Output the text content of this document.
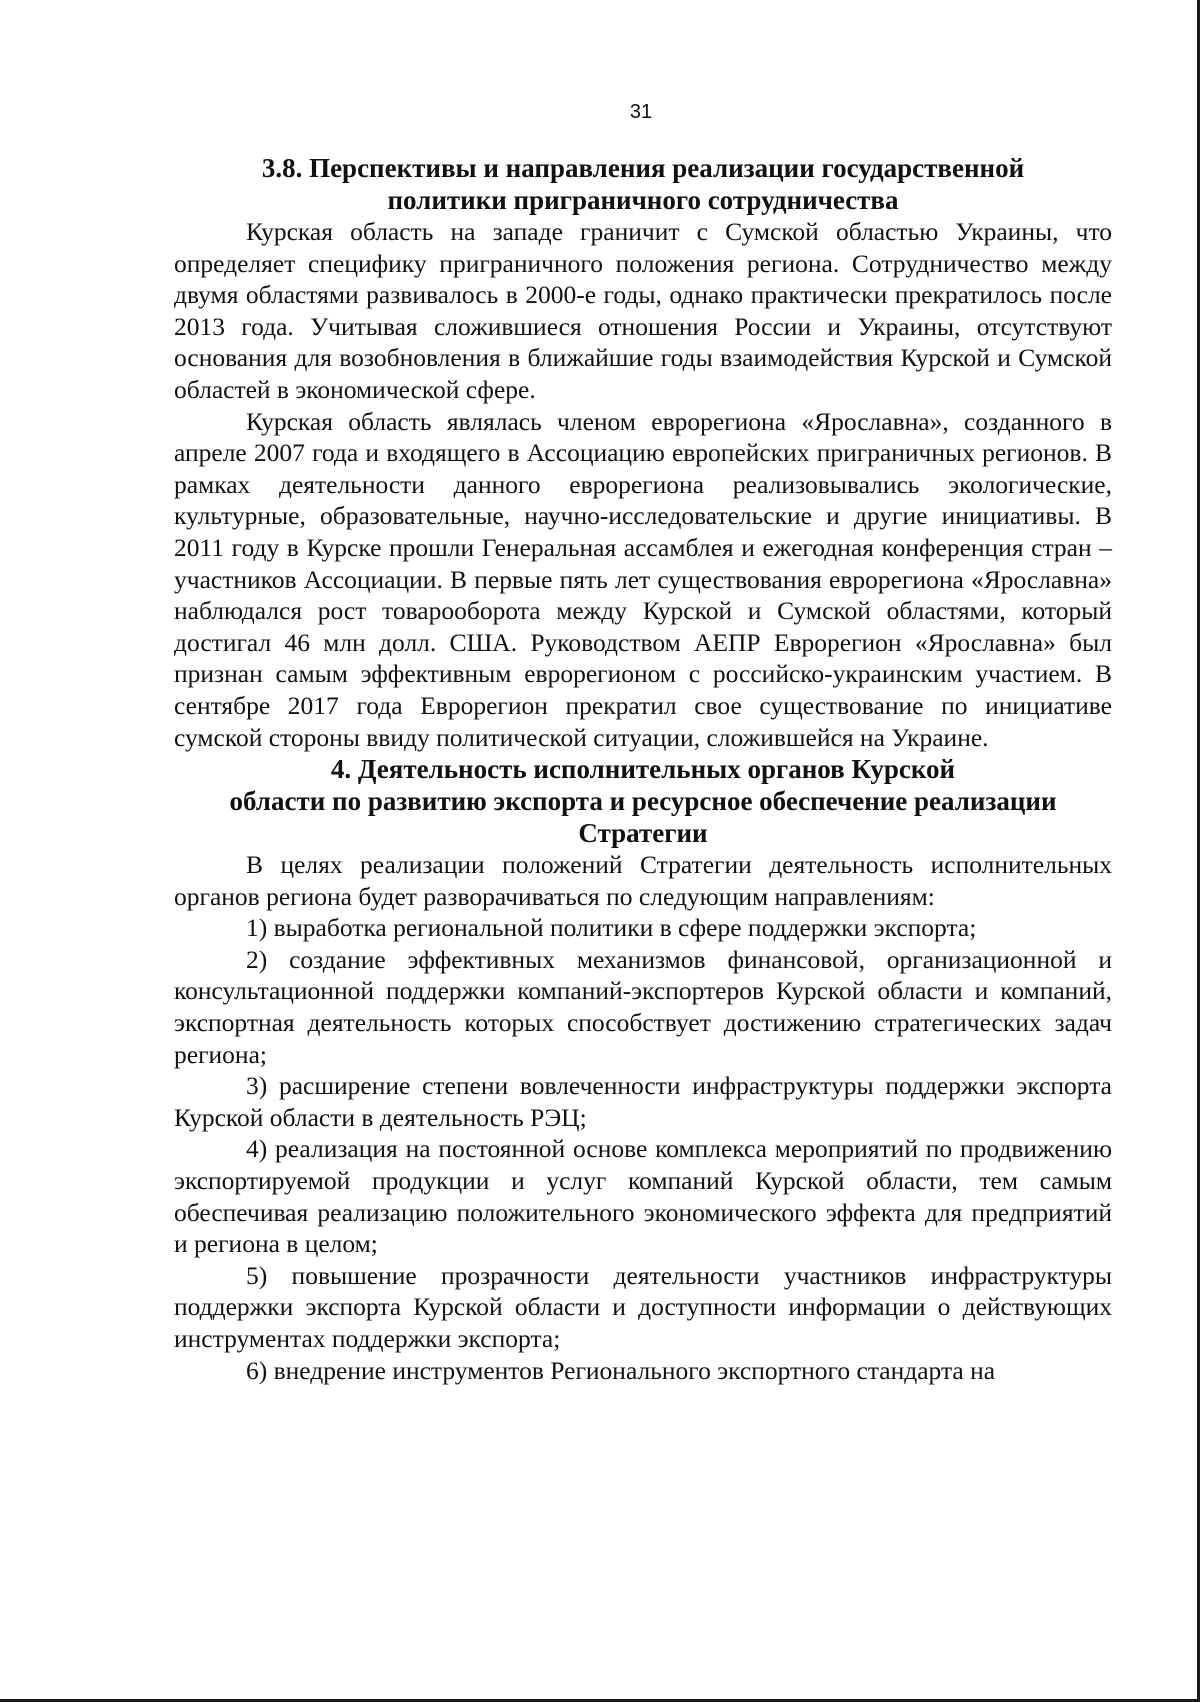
31
3.8. Перспективы и направления реализации государственной
политики приграничного сотрудничества

Курская область на западе граничит с Сумской областью Украины, что определяет специфику приграничного положения региона. Сотрудничество между двумя областями развивалось в 2000-е годы, однако практически прекратилось после 2013 года. Учитывая сложившиеся отношения России и Украины, отсутствуют основания для возобновления в ближайшие годы взаимодействия Курской и Сумской областей в экономической сфере.

Курская область являлась членом еврорегиона «Ярославна», созданного в апреле 2007 года и входящего в Ассоциацию европейских приграничных регионов. В рамках деятельности данного еврорегиона реализовывались экологические, культурные, образовательные, научно-исследовательские и другие инициативы. В 2011 году в Курске прошли Генеральная ассамблея и ежегодная конференция стран – участников Ассоциации. В первые пять лет существования еврорегиона «Ярославна» наблюдался рост товарооборота между Курской и Сумской областями, который достигал 46 млн долл. США. Руководством АЕПР Еврорегион «Ярославна» был признан самым эффективным еврорегионом с российско-украинским участием. В сентябре 2017 года Еврорегион прекратил свое существование по инициативе сумской стороны ввиду политической ситуации, сложившейся на Украине.

4. Деятельность исполнительных органов Курской
области по развитию экспорта и ресурсное обеспечение реализации
Стратегии

В целях реализации положений Стратегии деятельность исполнительных органов региона будет разворачиваться по следующим направлениям:

1) выработка региональной политики в сфере поддержки экспорта;

2) создание эффективных механизмов финансовой, организационной и консультационной поддержки компаний-экспортеров Курской области и компаний, экспортная деятельность которых способствует достижению стратегических задач региона;

3) расширение степени вовлеченности инфраструктуры поддержки экспорта Курской области в деятельность РЭЦ;

4) реализация на постоянной основе комплекса мероприятий по продвижению экспортируемой продукции и услуг компаний Курской области, тем самым обеспечивая реализацию положительного экономического эффекта для предприятий и региона в целом;

5) повышение прозрачности деятельности участников инфраструктуры поддержки экспорта Курской области и доступности информации о действующих инструментах поддержки экспорта;

6) внедрение инструментов Регионального экспортного стандарта на
